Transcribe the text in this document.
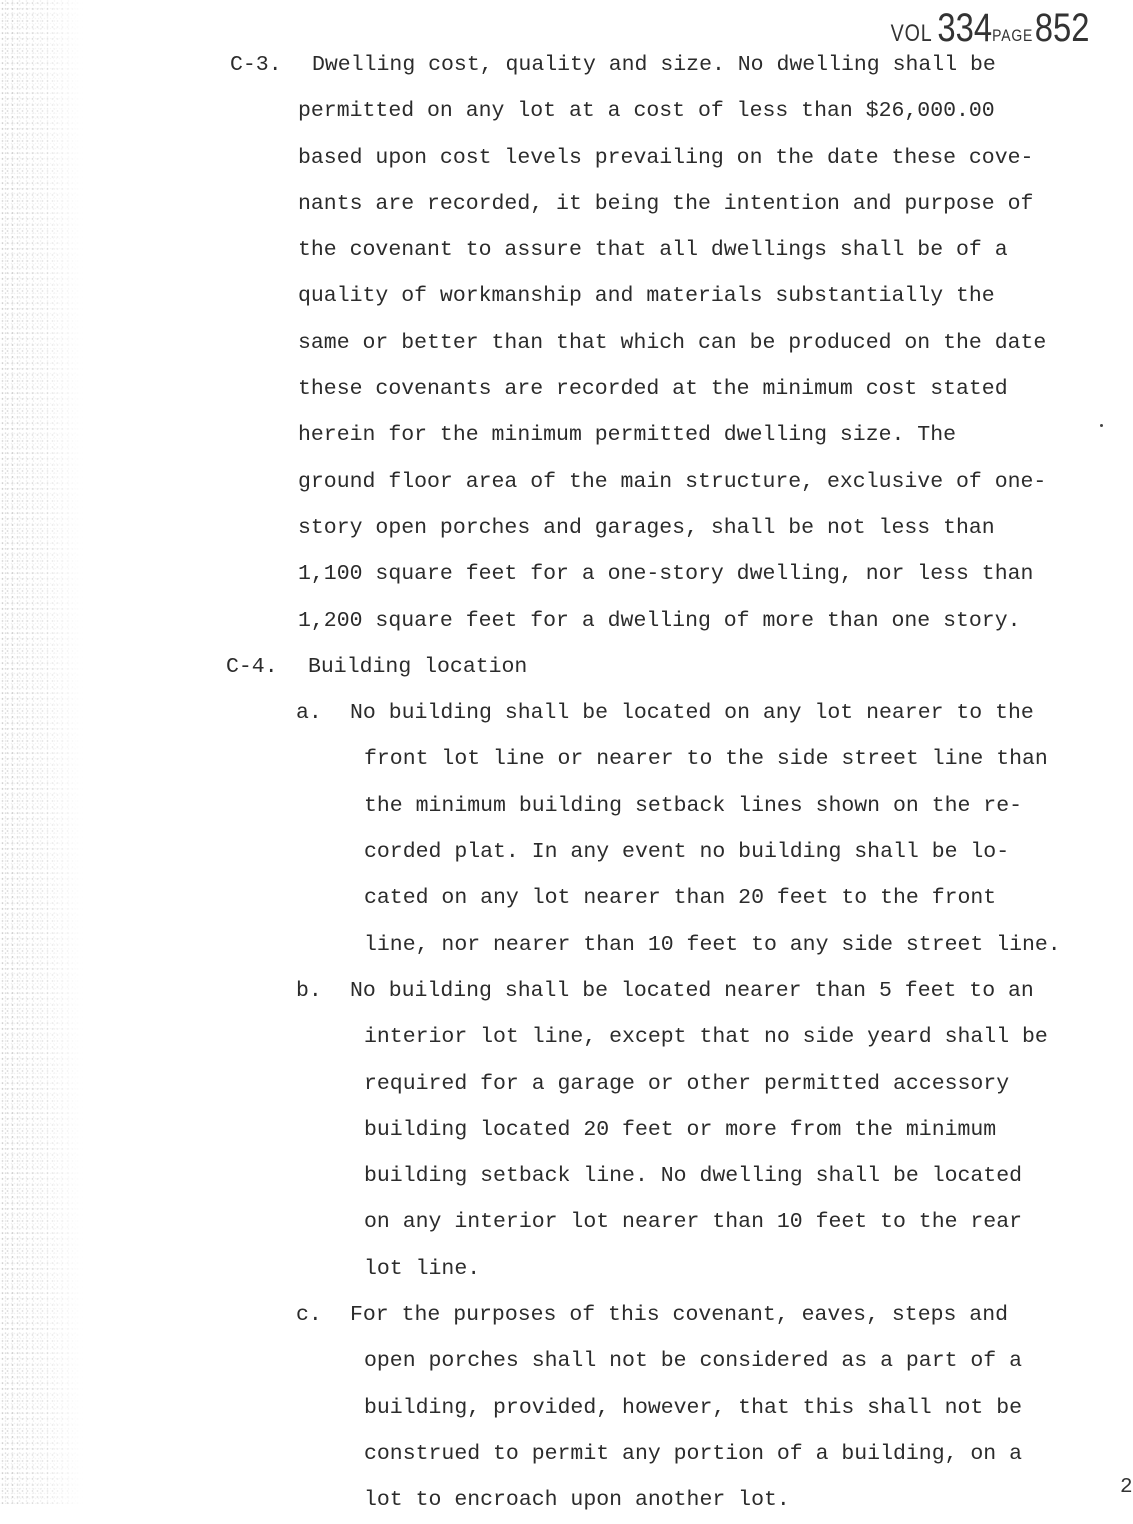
VOL 334PAGE852
C-3. Dwelling cost, quality and size. No dwelling shall be
permitted on any lot at a cost of less than $26,000.00
based upon cost levels prevailing on the date these cove-
nants are recorded, it being the intention and purpose of
the covenant to assure that all dwellings shall be of a
quality of workmanship and materials substantially the
same or better than that which can be produced on the date
these covenants are recorded at the minimum cost stated
herein for the minimum permitted dwelling size. The
ground floor area of the main structure, exclusive of one-
story open porches and garages, shall be not less than
1,100 square feet for a one-story dwelling, nor less than
1,200 square feet for a dwelling of more than one story.
C-4. Building location
a. No building shall be located on any lot nearer to the
front lot line or nearer to the side street line than
the minimum building setback lines shown on the re-
corded plat. In any event no building shall be lo-
cated on any lot nearer than 20 feet to the front
line, nor nearer than 10 feet to any side street line.
b. No building shall be located nearer than 5 feet to an
interior lot line, except that no side yeard shall be
required for a garage or other permitted accessory
building located 20 feet or more from the minimum
building setback line. No dwelling shall be located
on any interior lot nearer than 10 feet to the rear
lot line.
c. For the purposes of this covenant, eaves, steps and
open porches shall not be considered as a part of a
building, provided, however, that this shall not be
construed to permit any portion of a building, on a
lot to encroach upon another lot.
2
